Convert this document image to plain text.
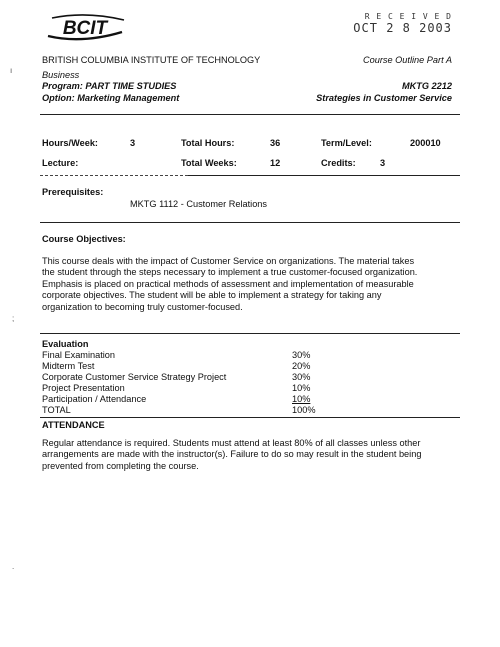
BCIT
R E C E I V E D
OCT 2 8 2003
ı
;
.
BRITISH COLUMBIA INSTITUTE OF TECHNOLOGY	Course Outline Part A
Business
Program: PART TIME STUDIES
Option: Marketing Management
MKTG 2212
Strategies in Customer Service
Hours/Week:	3	Total Hours:	36	Term/Level:	200010
Lecture:	Total Weeks:	12	Credits:	3
Prerequisites:
MKTG 1112 - Customer Relations
Course Objectives:
This course deals with the impact of Customer Service on organizations. The material takes
the student through the steps necessary to implement a true customer-focused organization.
Emphasis is placed on practical methods of assessment and implementation of measurable
corporate objectives. The student will be able to implement a strategy for taking any
organization to becoming truly customer-focused.
Evaluation
Final Examination	30%
Midterm Test	20%
Corporate Customer Service Strategy Project	30%
Project Presentation	10%
Participation / Attendance	10%
TOTAL	100%
ATTENDANCE
Regular attendance is required. Students must attend at least 80% of all classes unless other
arrangements are made with the instructor(s). Failure to do so may result in the student being
prevented from completing the course.
